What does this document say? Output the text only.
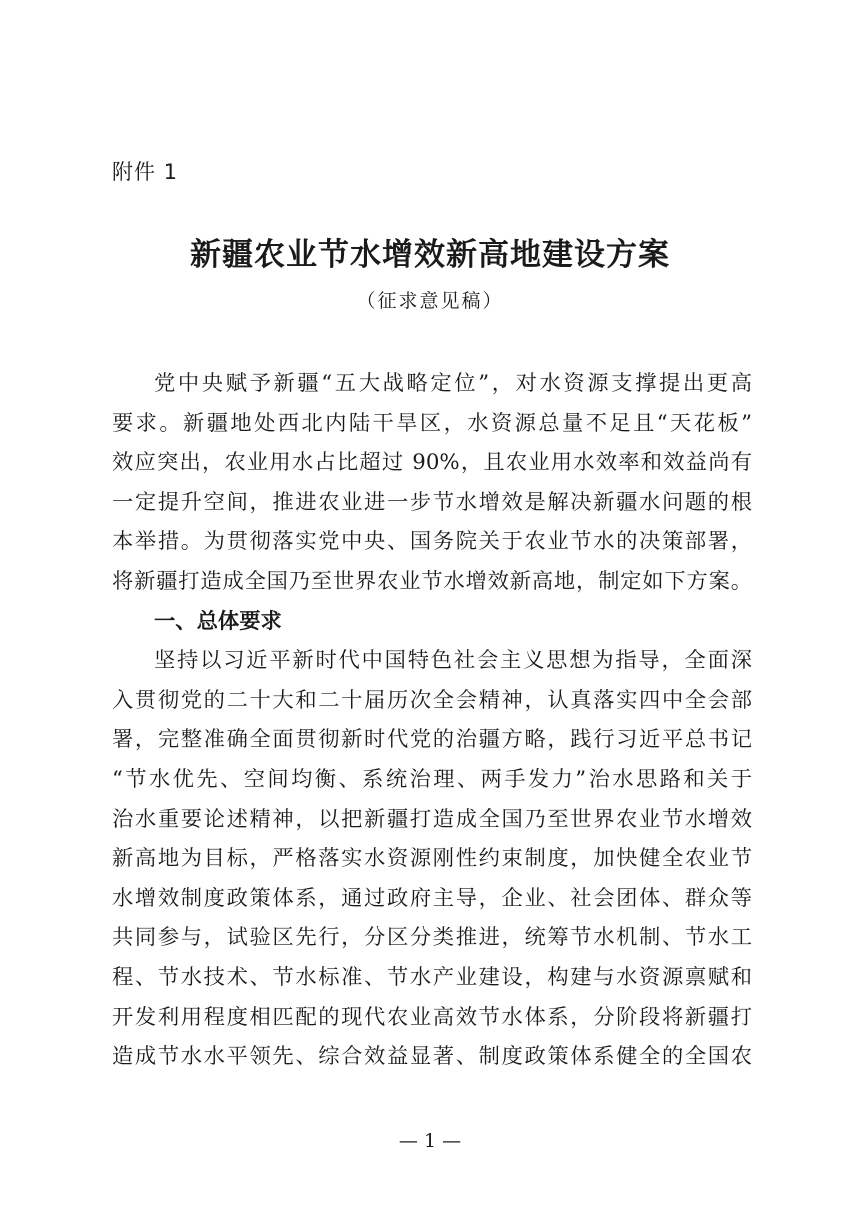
附件 1
新疆农业节水增效新高地建设方案
（征求意见稿）
党中央赋予新疆“五大战略定位”，对水资源支撑提出更高
要求。新疆地处西北内陆干旱区，水资源总量不足且“天花板”
效应突出，农业用水占比超过 90%，且农业用水效率和效益尚有
一定提升空间，推进农业进一步节水增效是解决新疆水问题的根
本举措。为贯彻落实党中央、国务院关于农业节水的决策部署，
将新疆打造成全国乃至世界农业节水增效新高地，制定如下方案。
一、总体要求
坚持以习近平新时代中国特色社会主义思想为指导，全面深
入贯彻党的二十大和二十届历次全会精神，认真落实四中全会部
署，完整准确全面贯彻新时代党的治疆方略，践行习近平总书记
“节水优先、空间均衡、系统治理、两手发力”治水思路和关于
治水重要论述精神，以把新疆打造成全国乃至世界农业节水增效
新高地为目标，严格落实水资源刚性约束制度，加快健全农业节
水增效制度政策体系，通过政府主导，企业、社会团体、群众等
共同参与，试验区先行，分区分类推进，统筹节水机制、节水工
程、节水技术、节水标准、节水产业建设，构建与水资源禀赋和
开发利用程度相匹配的现代农业高效节水体系，分阶段将新疆打
造成节水水平领先、综合效益显著、制度政策体系健全的全国农
— 1 —
